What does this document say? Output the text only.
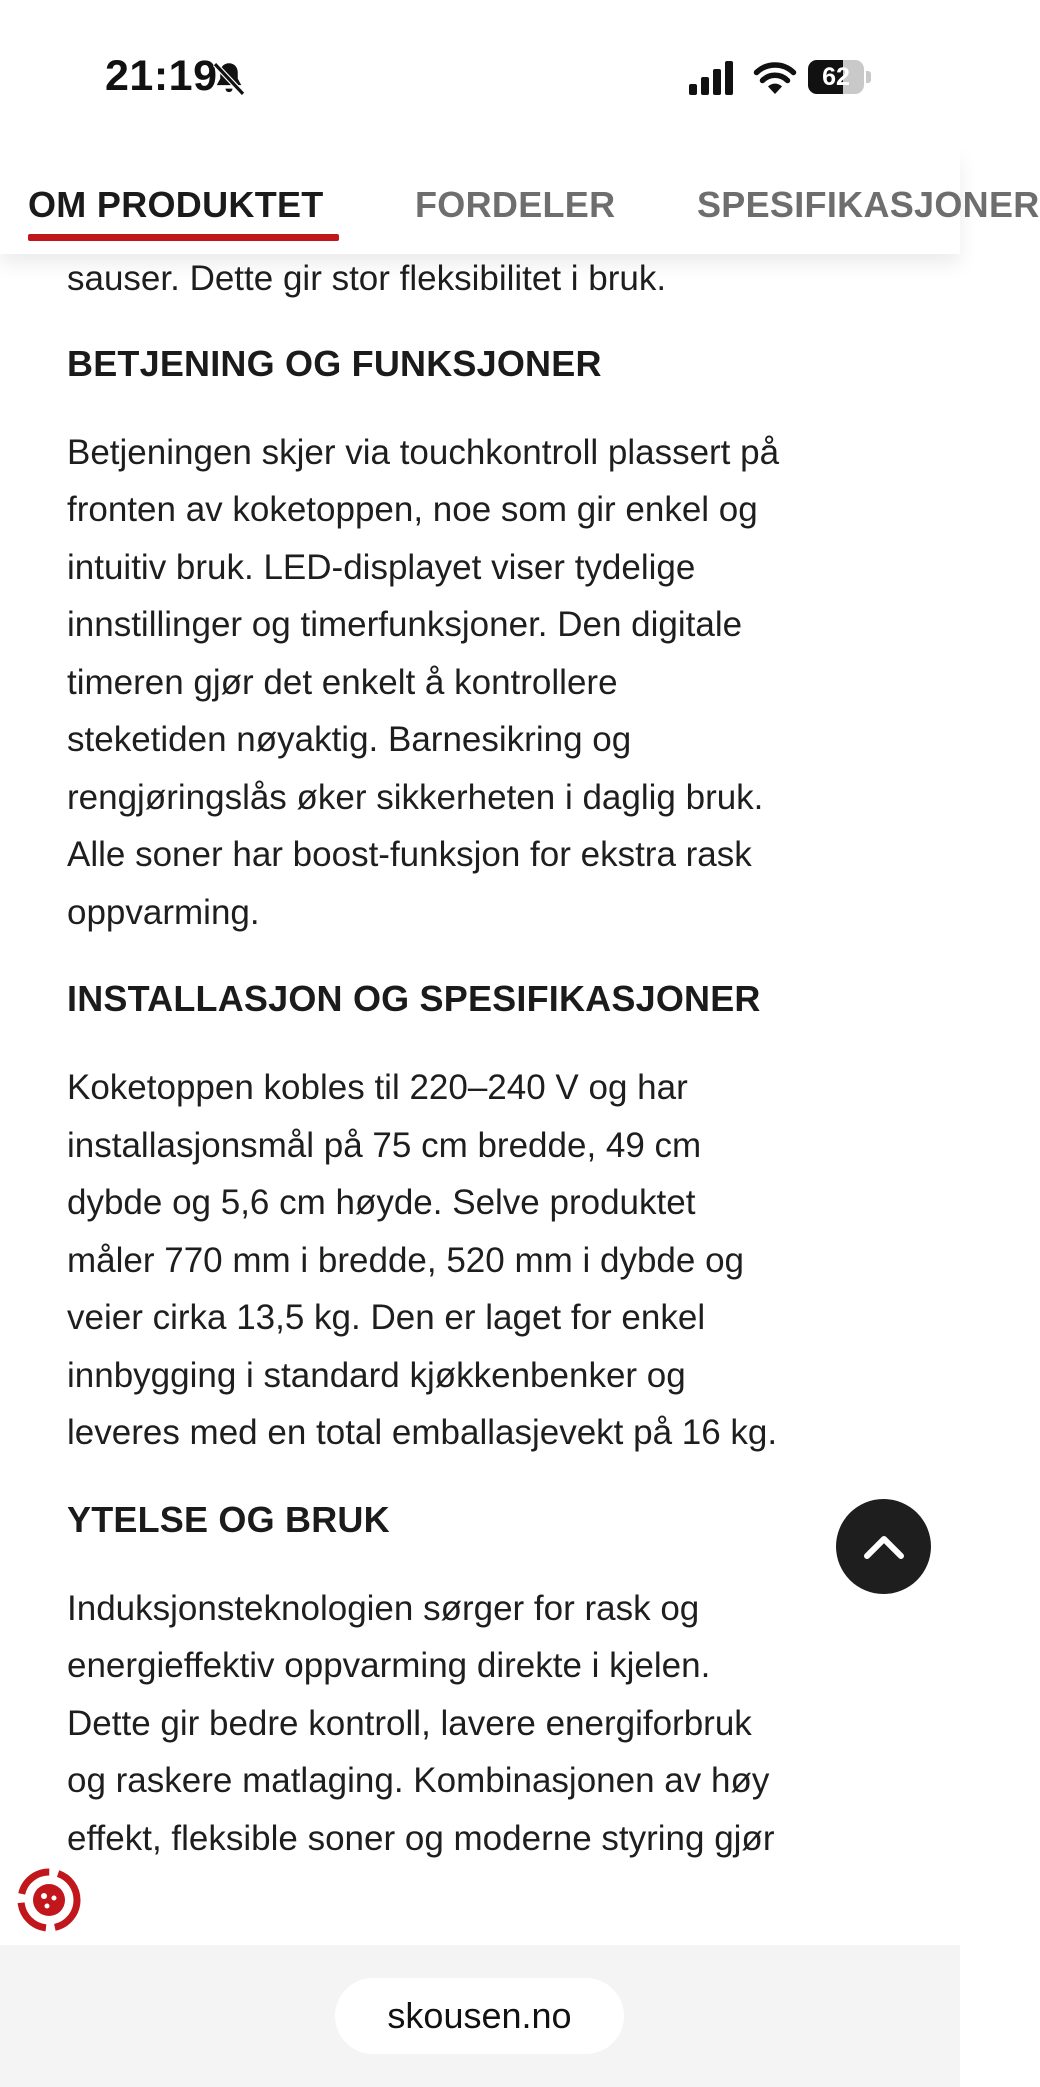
21:19	62
OM PRODUKTET	FORDELER SPESIFIKASJONER

sauser. Dette gir stor fleksibilitet i bruk.

BETJENING OG FUNKSJONER

Betjeningen skjer via touchkontroll plassert på
fronten av koketoppen, noe som gir enkel og
intuitiv bruk. LED-displayet viser tydelige
innstillinger og timerfunksjoner. Den digitale
timeren gjør det enkelt å kontrollere
steketiden nøyaktig. Barnesikring og
rengjøringslås øker sikkerheten i daglig bruk.
Alle soner har boost-funksjon for ekstra rask
oppvarming.

INSTALLASJON OG SPESIFIKASJONER

Koketoppen kobles til 220–240 V og har
installasjonsmål på 75 cm bredde, 49 cm
dybde og 5,6 cm høyde. Selve produktet
måler 770 mm i bredde, 520 mm i dybde og
veier cirka 13,5 kg. Den er laget for enkel
innbygging i standard kjøkkenbenker og
leveres med en total emballasjevekt på 16 kg.

YTELSE OG BRUK

Induksjonsteknologien sørger for rask og
energieffektiv oppvarming direkte i kjelen.
Dette gir bedre kontroll, lavere energiforbruk
og raskere matlaging. Kombinasjonen av høy
effekt, fleksible soner og moderne styring gjør

skousen.no
